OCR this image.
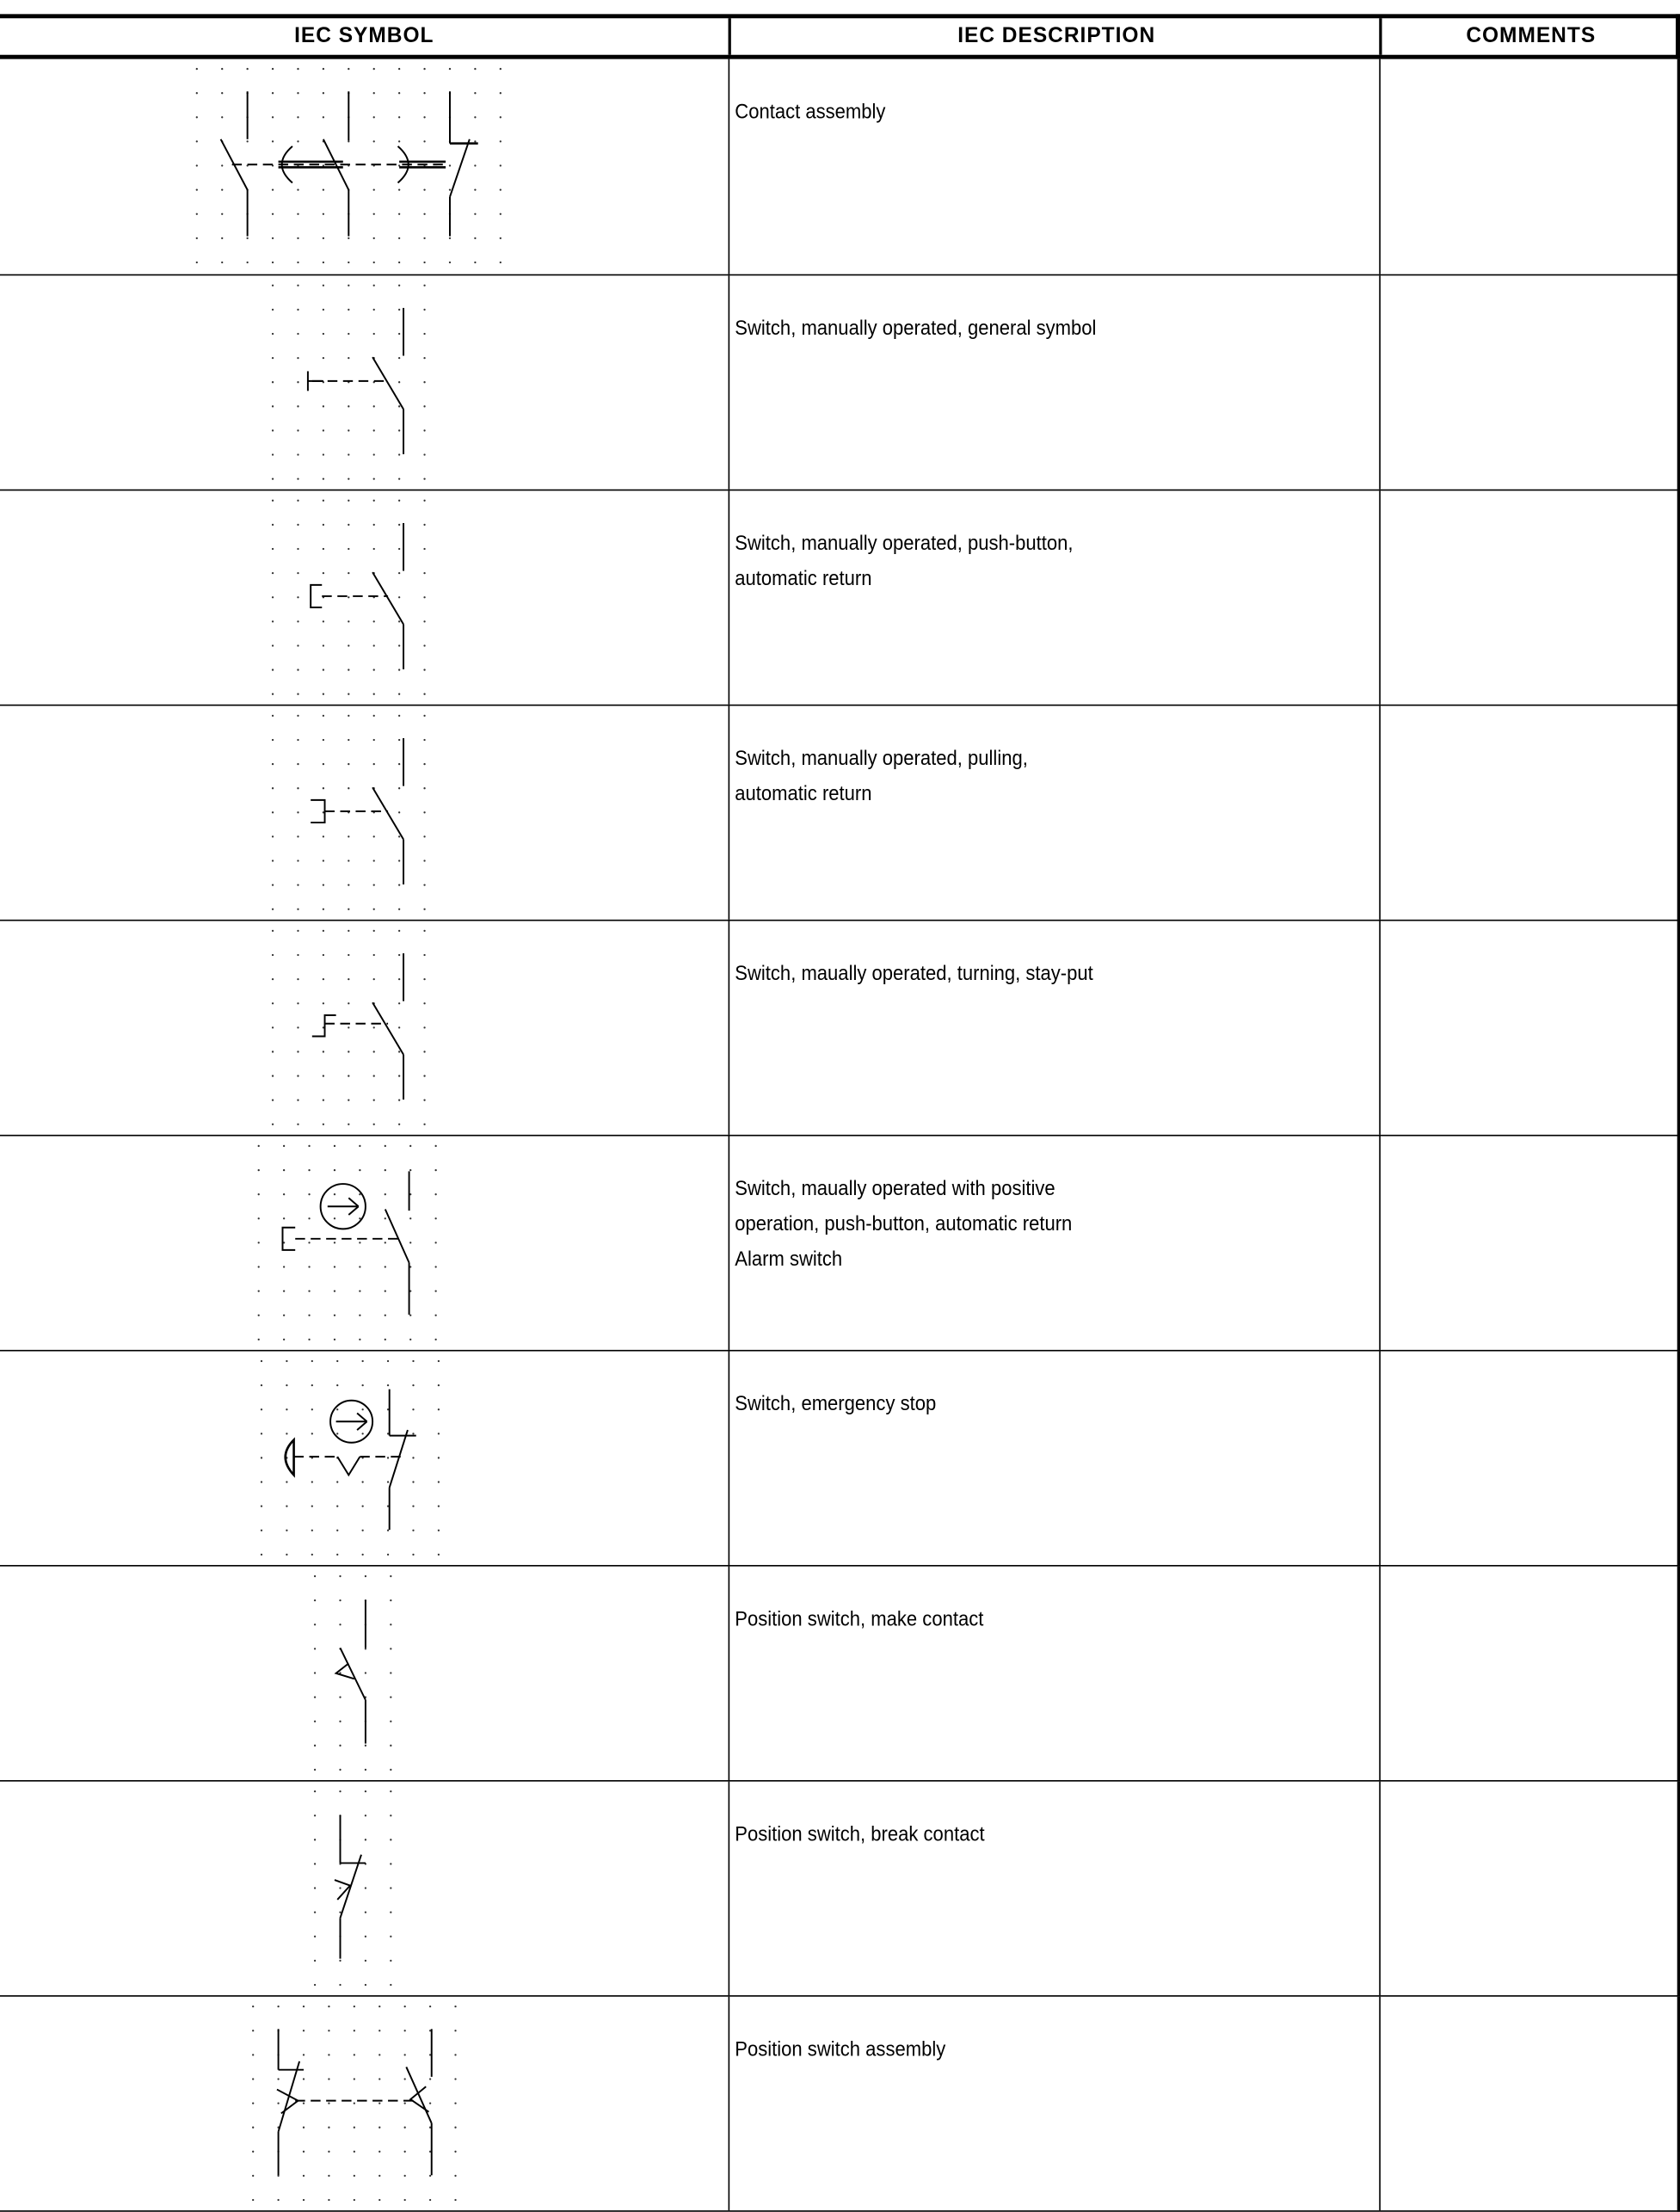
IEC SYMBOL	IEC DESCRIPTION	COMMENTS
Contact assembly
Switch, manually operated, general symbol
Switch, manually operated, push-button,
automatic return
Switch, manually operated, pulling,
automatic return
Switch, maually operated, turning, stay-put
Switch, maually operated with positive
operation, push-button, automatic return
Alarm switch
Switch, emergency stop
Position switch, make contact
Position switch, break contact
Position switch assembly
